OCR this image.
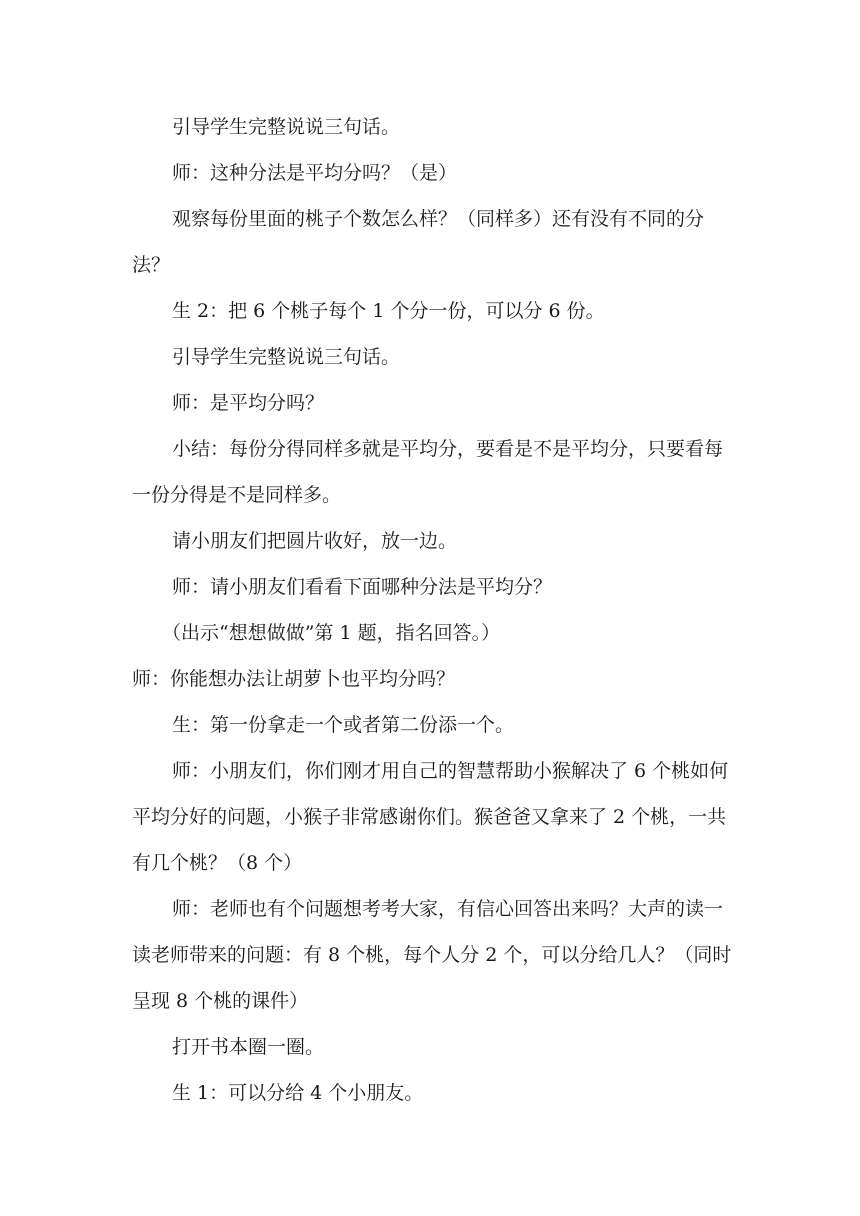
引导学生完整说说三句话。

师：这种分法是平均分吗？（是）

观察每份里面的桃子个数怎么样？（同样多）还有没有不同的分法？

生 2：把 6 个桃子每个 1 个分一份，可以分 6 份。

引导学生完整说说三句话。

师：是平均分吗？

小结：每份分得同样多就是平均分，要看是不是平均分，只要看每一份分得是不是同样多。

请小朋友们把圆片收好，放一边。

师：请小朋友们看看下面哪种分法是平均分？

（出示“想想做做”第 1 题，指名回答。）

师：你能想办法让胡萝卜也平均分吗？

生：第一份拿走一个或者第二份添一个。

师：小朋友们，你们刚才用自己的智慧帮助小猴解决了 6 个桃如何平均分好的问题，小猴子非常感谢你们。猴爸爸又拿来了 2 个桃，一共有几个桃？（8 个）

师：老师也有个问题想考考大家，有信心回答出来吗？大声的读一读老师带来的问题：有 8 个桃，每个人分 2 个，可以分给几人？（同时呈现 8 个桃的课件）

打开书本圈一圈。

生 1：可以分给 4 个小朋友。
